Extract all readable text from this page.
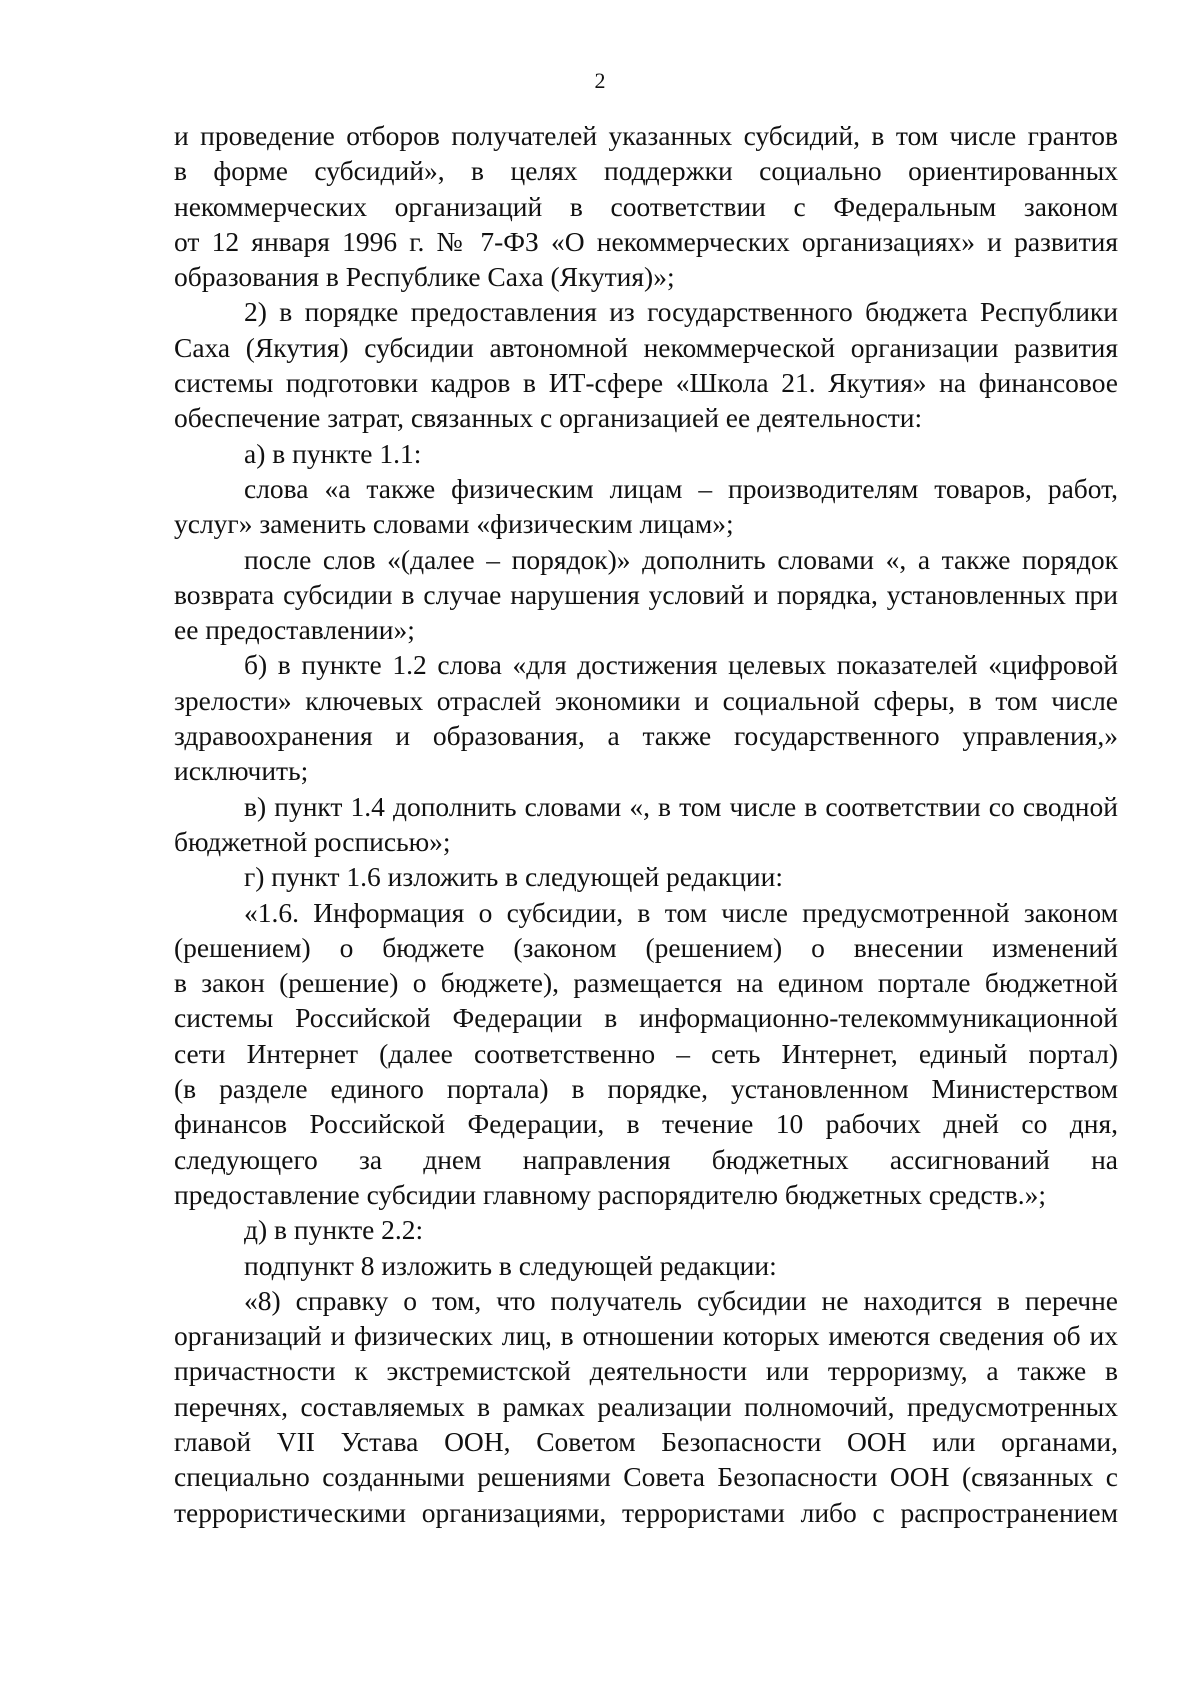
2
и проведение отборов получателей указанных субсидий, в том числе грантов
в форме субсидий», в целях поддержки социально ориентированных
некоммерческих организаций в соответствии с Федеральным законом
от 12 января 1996 г. № 7-ФЗ «О некоммерческих организациях» и развития
образования в Республике Саха (Якутия)»;
2) в порядке предоставления из государственного бюджета Республики
Саха (Якутия) субсидии автономной некоммерческой организации развития
системы подготовки кадров в ИТ-сфере «Школа 21. Якутия» на финансовое
обеспечение затрат, связанных с организацией ее деятельности:
а) в пункте 1.1:
слова «а также физическим лицам – производителям товаров, работ,
услуг» заменить словами «физическим лицам»;
после слов «(далее – порядок)» дополнить словами «, а также порядок
возврата субсидии в случае нарушения условий и порядка, установленных при
ее предоставлении»;
б) в пункте 1.2 слова «для достижения целевых показателей «цифровой
зрелости» ключевых отраслей экономики и социальной сферы, в том числе
здравоохранения и образования, а также государственного управления,»
исключить;
в) пункт 1.4 дополнить словами «, в том числе в соответствии со сводной
бюджетной росписью»;
г) пункт 1.6 изложить в следующей редакции:
«1.6. Информация о субсидии, в том числе предусмотренной законом
(решением) о бюджете (законом (решением) о внесении изменений
в закон (решение) о бюджете), размещается на едином портале бюджетной
системы Российской Федерации в информационно-телекоммуникационной
сети Интернет (далее соответственно – сеть Интернет, единый портал)
(в разделе единого портала) в порядке, установленном Министерством
финансов Российской Федерации, в течение 10 рабочих дней со дня,
следующего за днем направления бюджетных ассигнований на
предоставление субсидии главному распорядителю бюджетных средств.»;
д) в пункте 2.2:
подпункт 8 изложить в следующей редакции:
«8) справку о том, что получатель субсидии не находится в перечне
организаций и физических лиц, в отношении которых имеются сведения об их
причастности к экстремистской деятельности или терроризму, а также в
перечнях, составляемых в рамках реализации полномочий, предусмотренных
главой VII Устава ООН, Советом Безопасности ООН или органами,
специально созданными решениями Совета Безопасности ООН (связанных с
террористическими организациями, террористами либо с распространением
